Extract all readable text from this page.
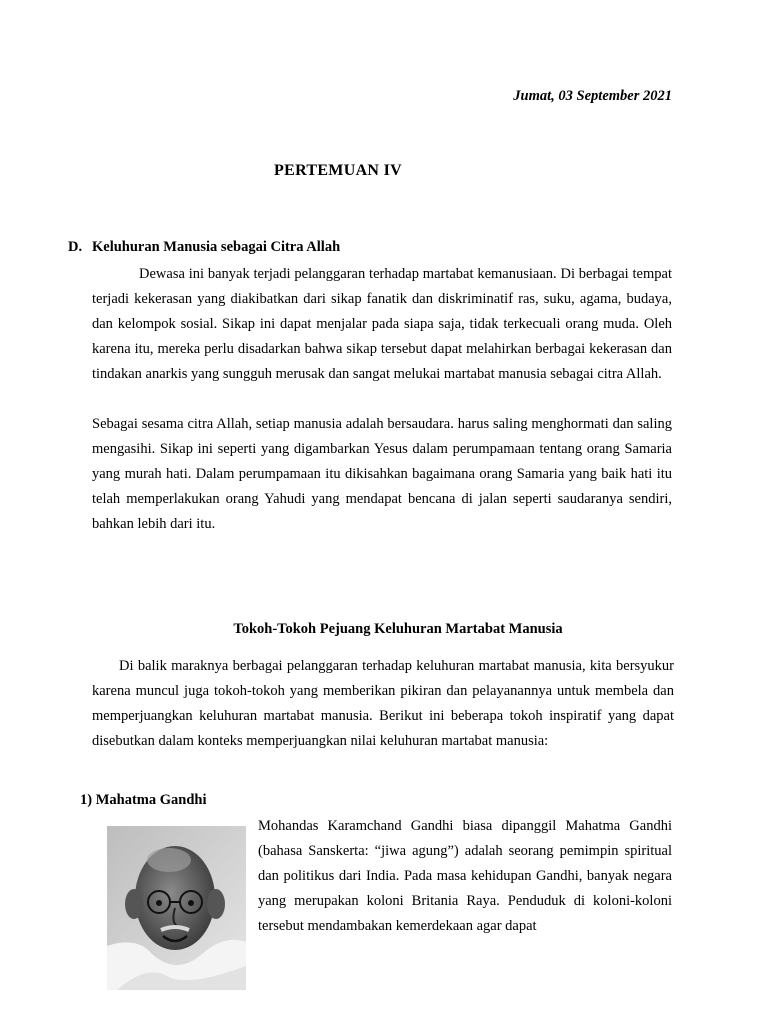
Jumat, 03 September 2021
PERTEMUAN IV
D. Keluhuran Manusia sebagai Citra Allah

Dewasa ini banyak terjadi pelanggaran terhadap martabat kemanusiaan. Di berbagai tempat terjadi kekerasan yang diakibatkan dari sikap fanatik dan diskriminatif ras, suku, agama, budaya, dan kelompok sosial. Sikap ini dapat menjalar pada siapa saja, tidak terkecuali orang muda. Oleh karena itu, mereka perlu disadarkan bahwa sikap tersebut dapat melahirkan berbagai kekerasan dan tindakan anarkis yang sungguh merusak dan sangat melukai martabat manusia sebagai citra Allah.

Sebagai sesama citra Allah, setiap manusia adalah bersaudara. harus saling menghormati dan saling mengasihi. Sikap ini seperti yang digambarkan Yesus dalam perumpamaan tentang orang Samaria yang murah hati. Dalam perumpamaan itu dikisahkan bagaimana orang Samaria yang baik hati itu telah memperlakukan orang Yahudi yang mendapat bencana di jalan seperti saudaranya sendiri, bahkan lebih dari itu.

Tokoh-Tokoh Pejuang Keluhuran Martabat Manusia

Di balik maraknya berbagai pelanggaran terhadap keluhuran martabat manusia, kita bersyukur karena muncul juga tokoh-tokoh yang memberikan pikiran dan pelayanannya untuk membela dan memperjuangkan keluhuran martabat manusia. Berikut ini beberapa tokoh inspiratif yang dapat disebutkan dalam konteks memperjuangkan nilai keluhuran martabat manusia:

1) Mahatma Gandhi

Mohandas Karamchand Gandhi biasa dipanggil Mahatma Gandhi (bahasa Sanskerta: “jiwa agung”) adalah seorang pemimpin spiritual dan politikus dari India. Pada masa kehidupan Gandhi, banyak negara yang merupakan koloni Britania Raya. Penduduk di koloni-koloni tersebut mendambakan kemerdekaan agar dapat
